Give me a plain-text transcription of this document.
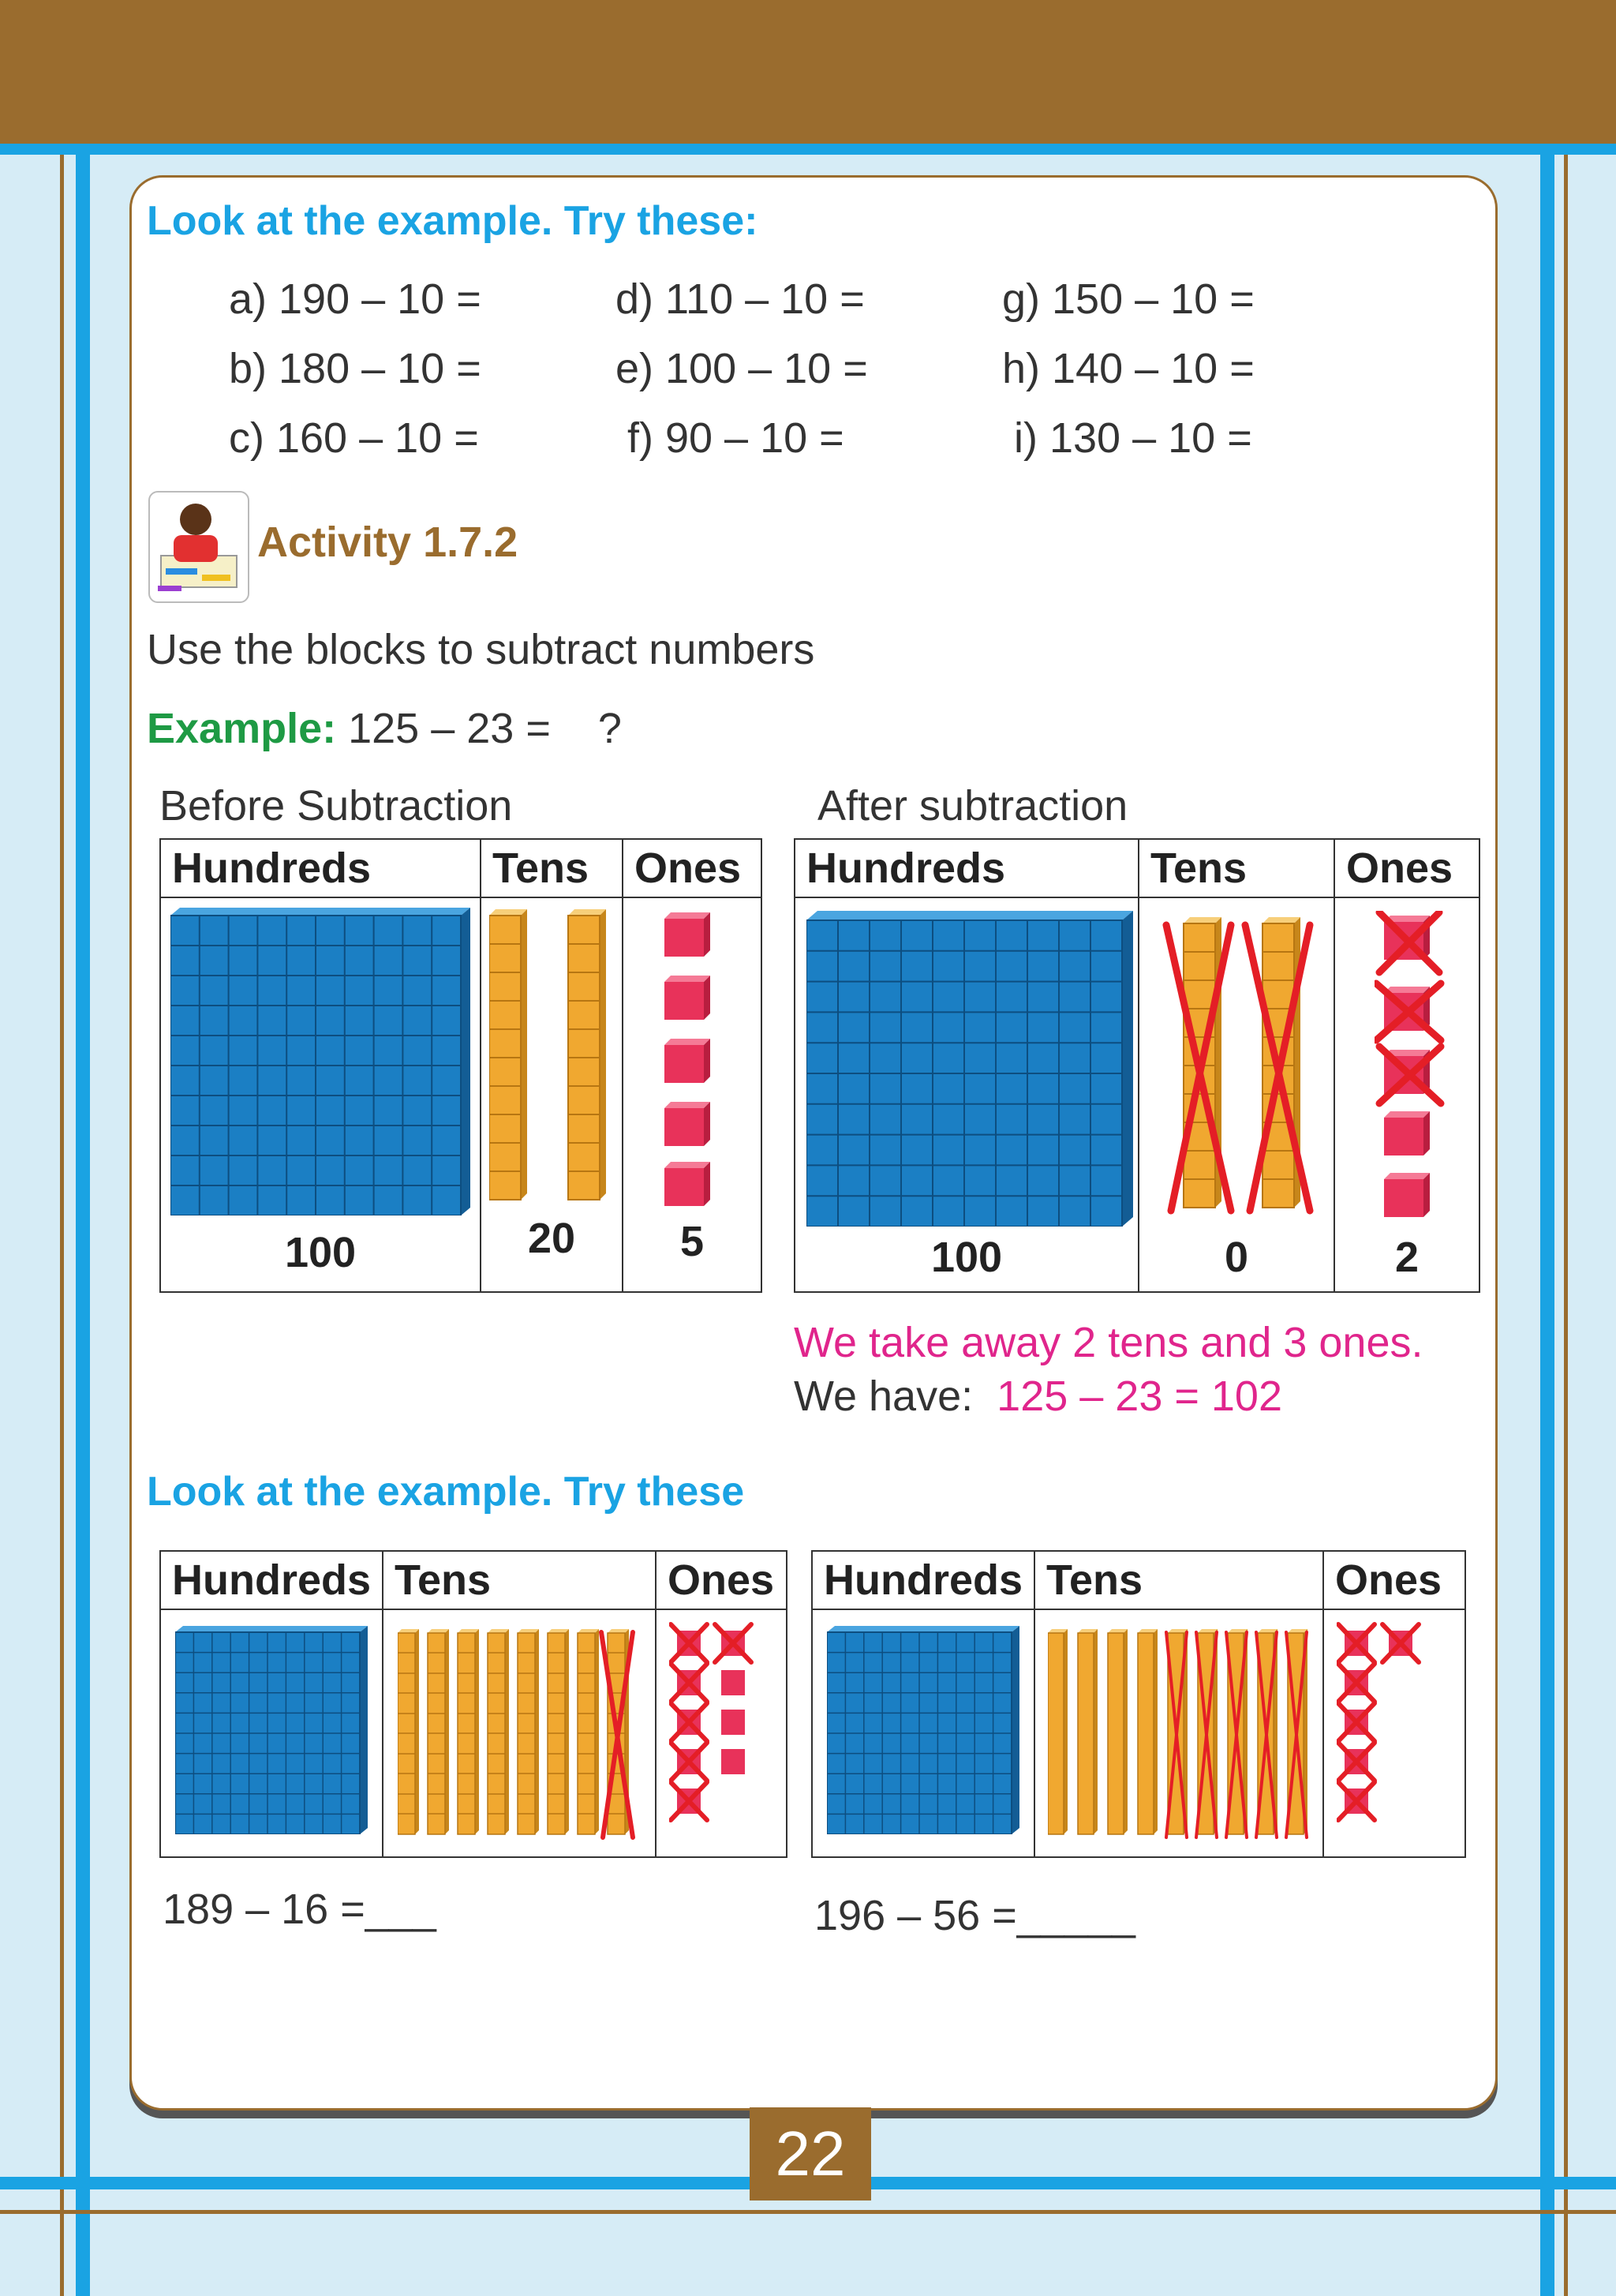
Look at the example. Try these:
a) 190 – 10 =	d) 110 – 10 =	g) 150 – 10 =
b) 180 – 10 =	e) 100 – 10 =	h) 140 – 10 =
c) 160 – 10 =	f) 90 – 10 =	i) 130 – 10 =
Activity 1.7.2
Use the blocks to subtract numbers
Example: 125 – 23 =    ?
Before Subtraction	After subtraction
Hundreds	Tens	Ones

100	20	5
Hundreds	Tens	Ones

100	0	2
We take away 2 tens and 3 ones.
We have: 125 – 23 = 102
Look at the example. Try these
Hundreds	Tens	Ones

	Hundreds	Tens	Ones

189 – 16 =___	196 – 56 =_____
22
